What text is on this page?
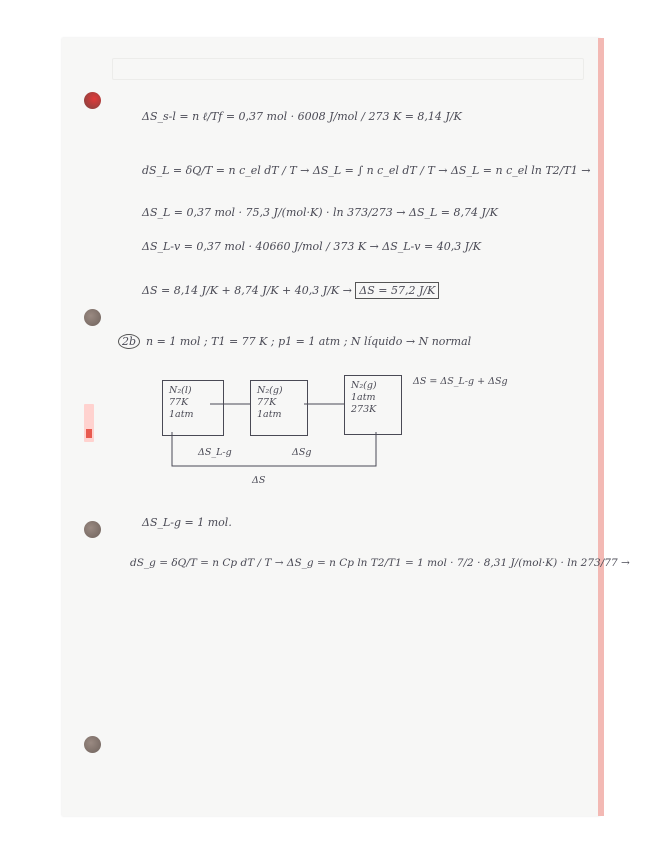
ΔS_s-l = n ℓ/Tf = 0,37 mol · 6008 J/mol / 273 K = 8,14 J/K
dS_L = δQ/T = n c_el dT / T → ΔS_L = ∫ n c_el dT / T → ΔS_L = n c_el ln T2/T1 →
ΔS_L = 0,37 mol · 75,3 J/(mol·K) · ln 373/273 → ΔS_L = 8,74 J/K
ΔS_L-v = 0,37 mol · 40660 J/mol / 373 K → ΔS_L-v = 40,3 J/K
ΔS = 8,14 J/K + 8,74 J/K + 40,3 J/K → ΔS = 57,2 J/K
2b n = 1 mol ; T1 = 77 K ; p1 = 1 atm ; N líquido → N normal
N₂(l)
77K
1atm
N₂(g)
77K
1atm
N₂(g)
1atm
273K
ΔS_L-g	ΔSg
ΔS
ΔS = ΔS_L-g + ΔSg
ΔS_L-g = 1 mol.
dS_g = δQ/T = n Cp dT / T → ΔS_g = n Cp ln T2/T1 = 1 mol · 7/2 · 8,31 J/(mol·K) · ln 273/77 →
